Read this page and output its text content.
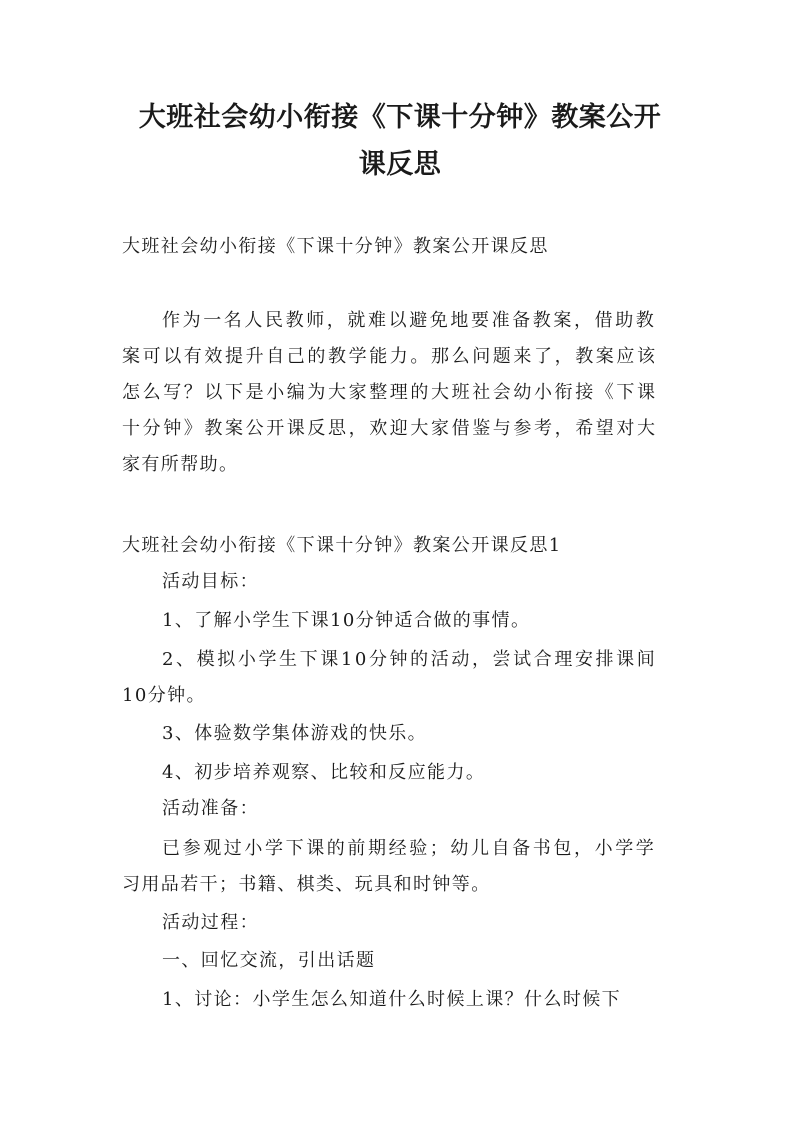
大班社会幼小衔接《下课十分钟》教案公开
课反思
大班社会幼小衔接《下课十分钟》教案公开课反思
作为一名人民教师，就难以避免地要准备教案，借助教
案可以有效提升自己的教学能力。那么问题来了，教案应该
怎么写？以下是小编为大家整理的大班社会幼小衔接《下课
十分钟》教案公开课反思，欢迎大家借鉴与参考，希望对大
家有所帮助。
大班社会幼小衔接《下课十分钟》教案公开课反思1
活动目标：
1、了解小学生下课10分钟适合做的事情。
2、模拟小学生下课10分钟的活动，尝试合理安排课间
10分钟。
3、体验数学集体游戏的快乐。
4、初步培养观察、比较和反应能力。
活动准备：
已参观过小学下课的前期经验；幼儿自备书包，小学学
习用品若干；书籍、棋类、玩具和时钟等。
活动过程：
一、回忆交流，引出话题
1、讨论：小学生怎么知道什么时候上课？什么时候下
